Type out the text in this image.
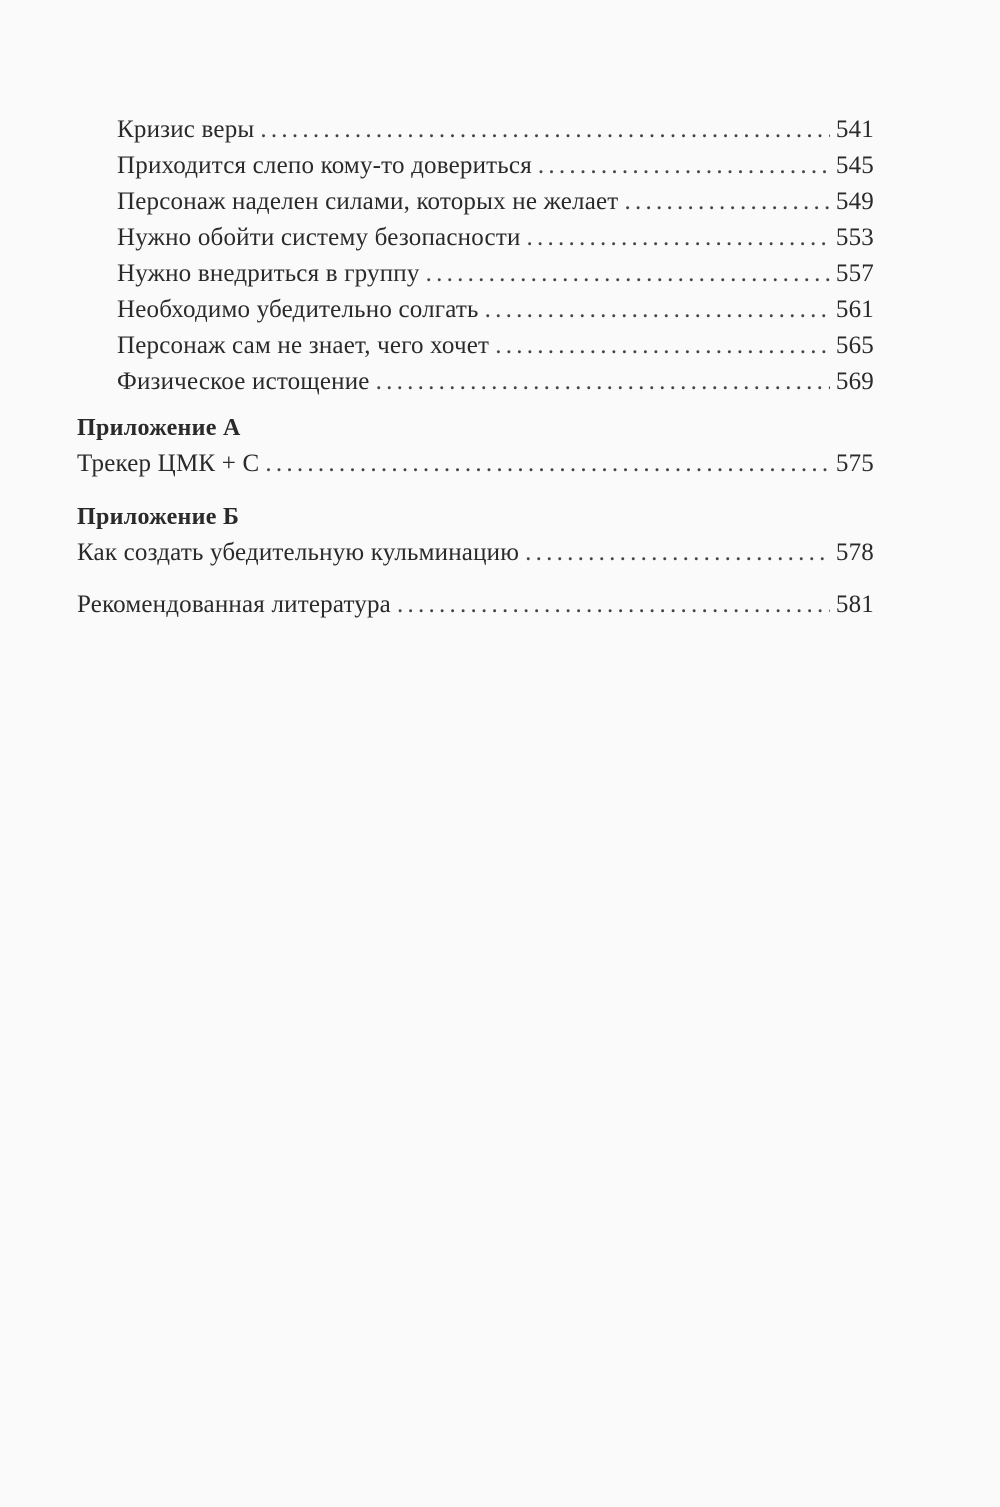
Кризис веры . . .	541
Приходится слепо кому-то довериться . . .	545
Персонаж наделен силами, которых не желает . . .	549
Нужно обойти систему безопасности . . .	553
Нужно внедриться в группу . . .	557
Необходимо убедительно солгать . . .	561
Персонаж сам не знает, чего хочет . . .	565
Физическое истощение . . .	569
Приложение А
Трекер ЦМК + С . . .	575
Приложение Б
Как создать убедительную кульминацию . . .	578
Рекомендованная литература . . .	581
